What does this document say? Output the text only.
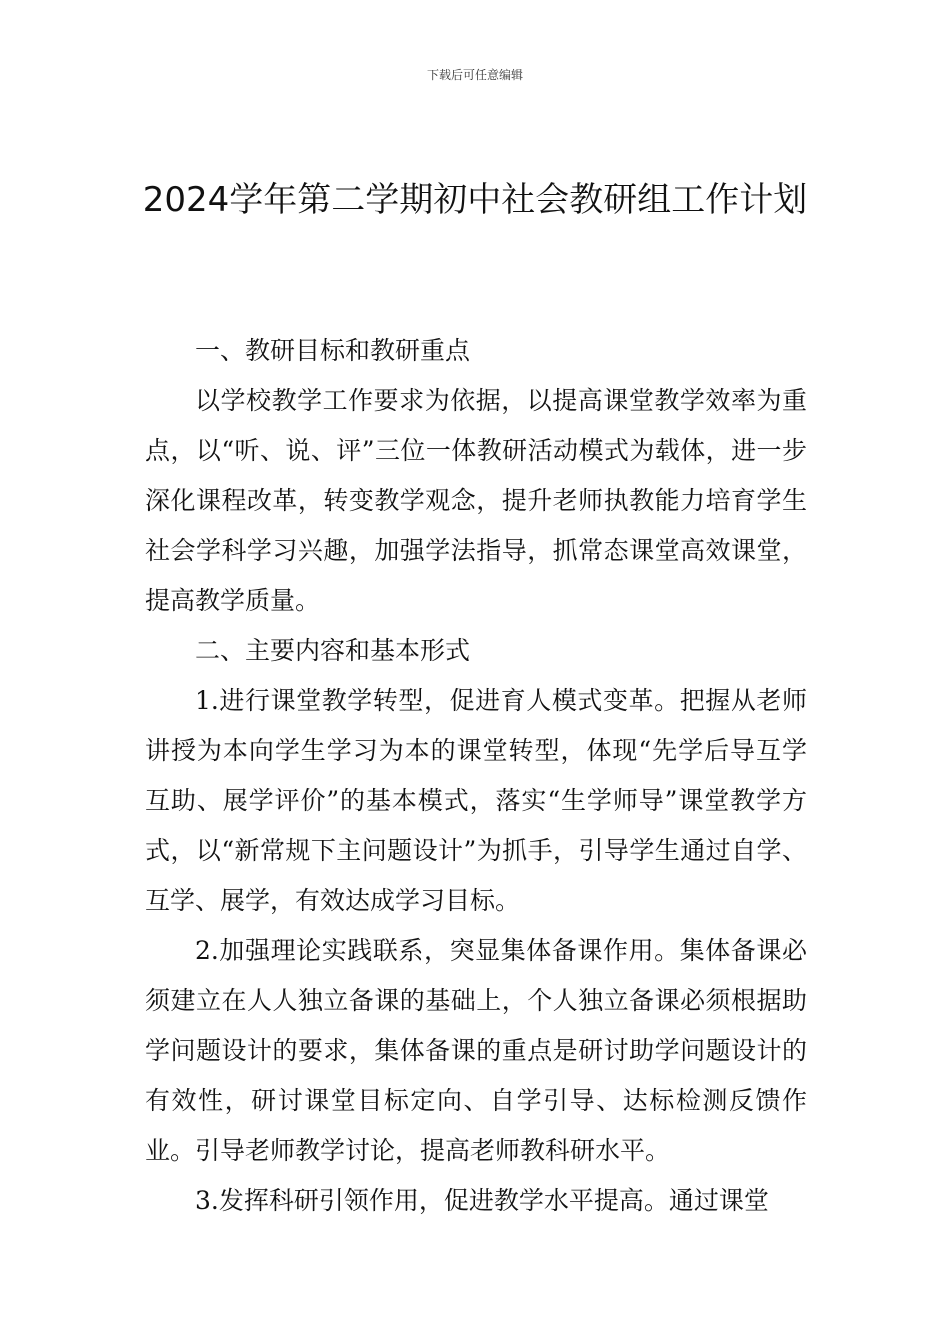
下载后可任意编辑
2024学年第二学期初中社会教研组工作计划

一、教研目标和教研重点

以学校教学工作要求为依据，以提高课堂教学效率为重点，以“听、说、评”三位一体教研活动模式为载体，进一步深化课程改革，转变教学观念，提升老师执教能力培育学生社会学科学习兴趣，加强学法指导，抓常态课堂高效课堂，提高教学质量。

二、主要内容和基本形式

1.进行课堂教学转型，促进育人模式变革。把握从老师讲授为本向学生学习为本的课堂转型，体现“先学后导互学互助、展学评价”的基本模式，落实“生学师导”课堂教学方式，以“新常规下主问题设计”为抓手，引导学生通过自学、互学、展学，有效达成学习目标。

2.加强理论实践联系，突显集体备课作用。集体备课必须建立在人人独立备课的基础上，个人独立备课必须根据助学问题设计的要求，集体备课的重点是研讨助学问题设计的有效性，研讨课堂目标定向、自学引导、达标检测反馈作业。引导老师教学讨论，提高老师教科研水平。

3.发挥科研引领作用，促进教学水平提高。通过课堂
